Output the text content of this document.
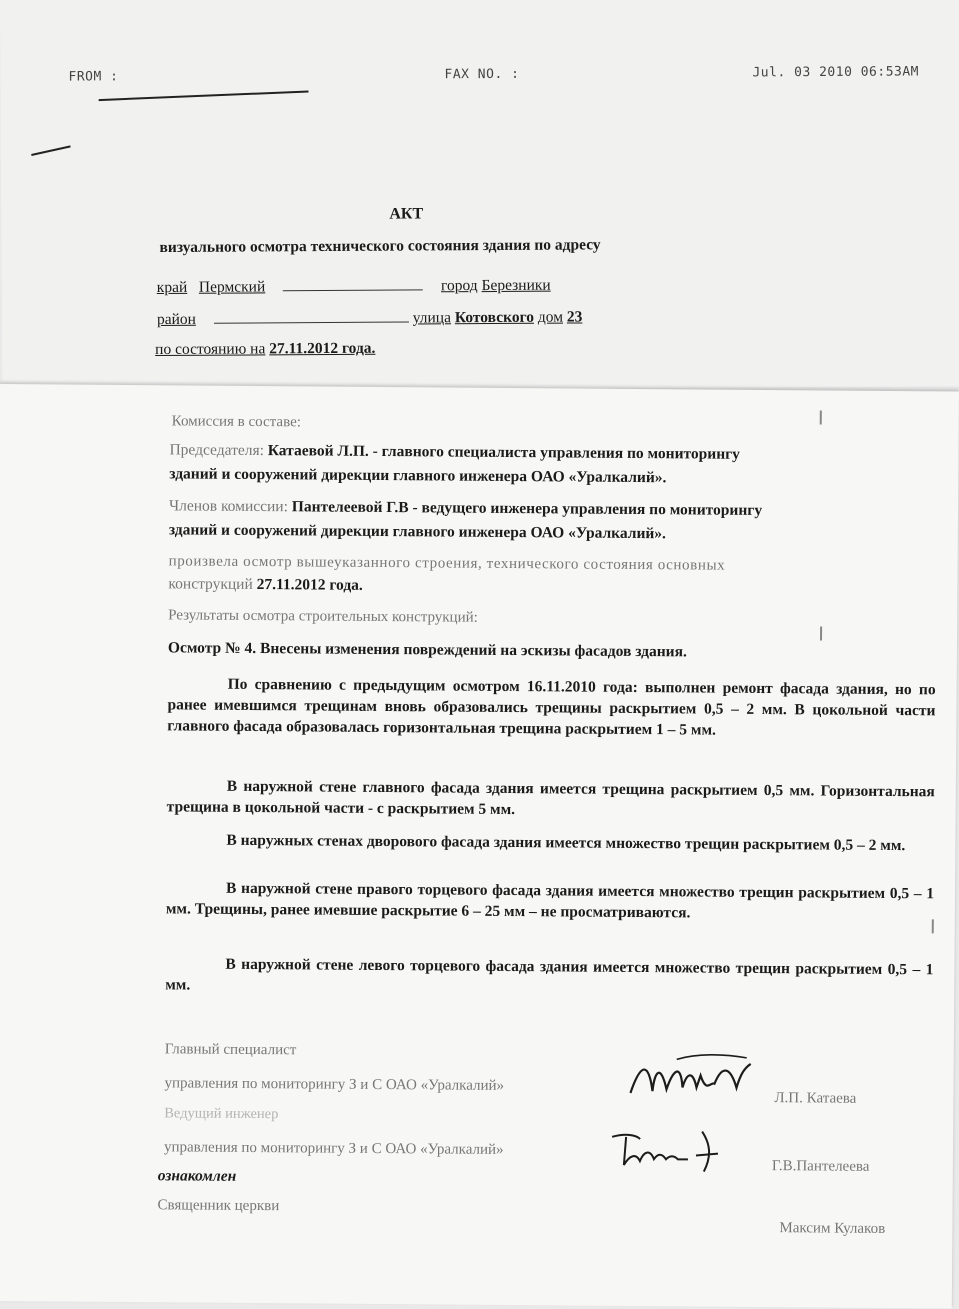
FROM :	FAX NO. :	Jul. 03 2010 06:53AM
АКТ
визуального осмотра технического состояния здания по адресу
край Пермский	город Березники
район	улица Котовского дом 23
по состоянию на 27.11.2012 года.
Комиссия в составе:
Председателя: Катаевой Л.П. - главного специалиста управления по мониторингу
зданий и сооружений дирекции главного инженера ОАО «Уралкалий».
Членов комиссии: Пантелеевой Г.В - ведущего инженера управления по мониторингу
зданий и сооружений дирекции главного инженера ОАО «Уралкалий».
произвела осмотр вышеуказанного строения, технического состояния основных
конструкций 27.11.2012 года.
Результаты осмотра строительных конструкций:
Осмотр № 4. Внесены изменения повреждений на эскизы фасадов здания.
По сравнению с предыдущим осмотром 16.11.2010 года: выполнен ремонт фасада здания, но по ранее имевшимся трещинам вновь образовались трещины раскрытием 0,5 – 2 мм. В цокольной части главного фасада образовалась горизонтальная трещина раскрытием 1 – 5 мм.
В наружной стене главного фасада здания имеется трещина раскрытием 0,5 мм. Горизонтальная трещина в цокольной части - с раскрытием 5 мм.
В наружных стенах дворового фасада здания имеется множество трещин раскрытием 0,5 – 2 мм.
В наружной стене правого торцевого фасада здания имеется множество трещин раскрытием 0,5 – 1 мм. Трещины, ранее имевшие раскрытие 6 – 25 мм – не просматриваются.
В наружной стене левого торцевого фасада здания имеется множество трещин раскрытием 0,5 – 1 мм.
Главный специалист
управления по мониторингу З и С ОАО «Уралкалий»
Л.П. Катаева
Ведущий инженер
управления по мониторингу З и С ОАО «Уралкалий»
Г.В.Пантелеева
ознакомлен
Священник церкви
Максим Кулаков
